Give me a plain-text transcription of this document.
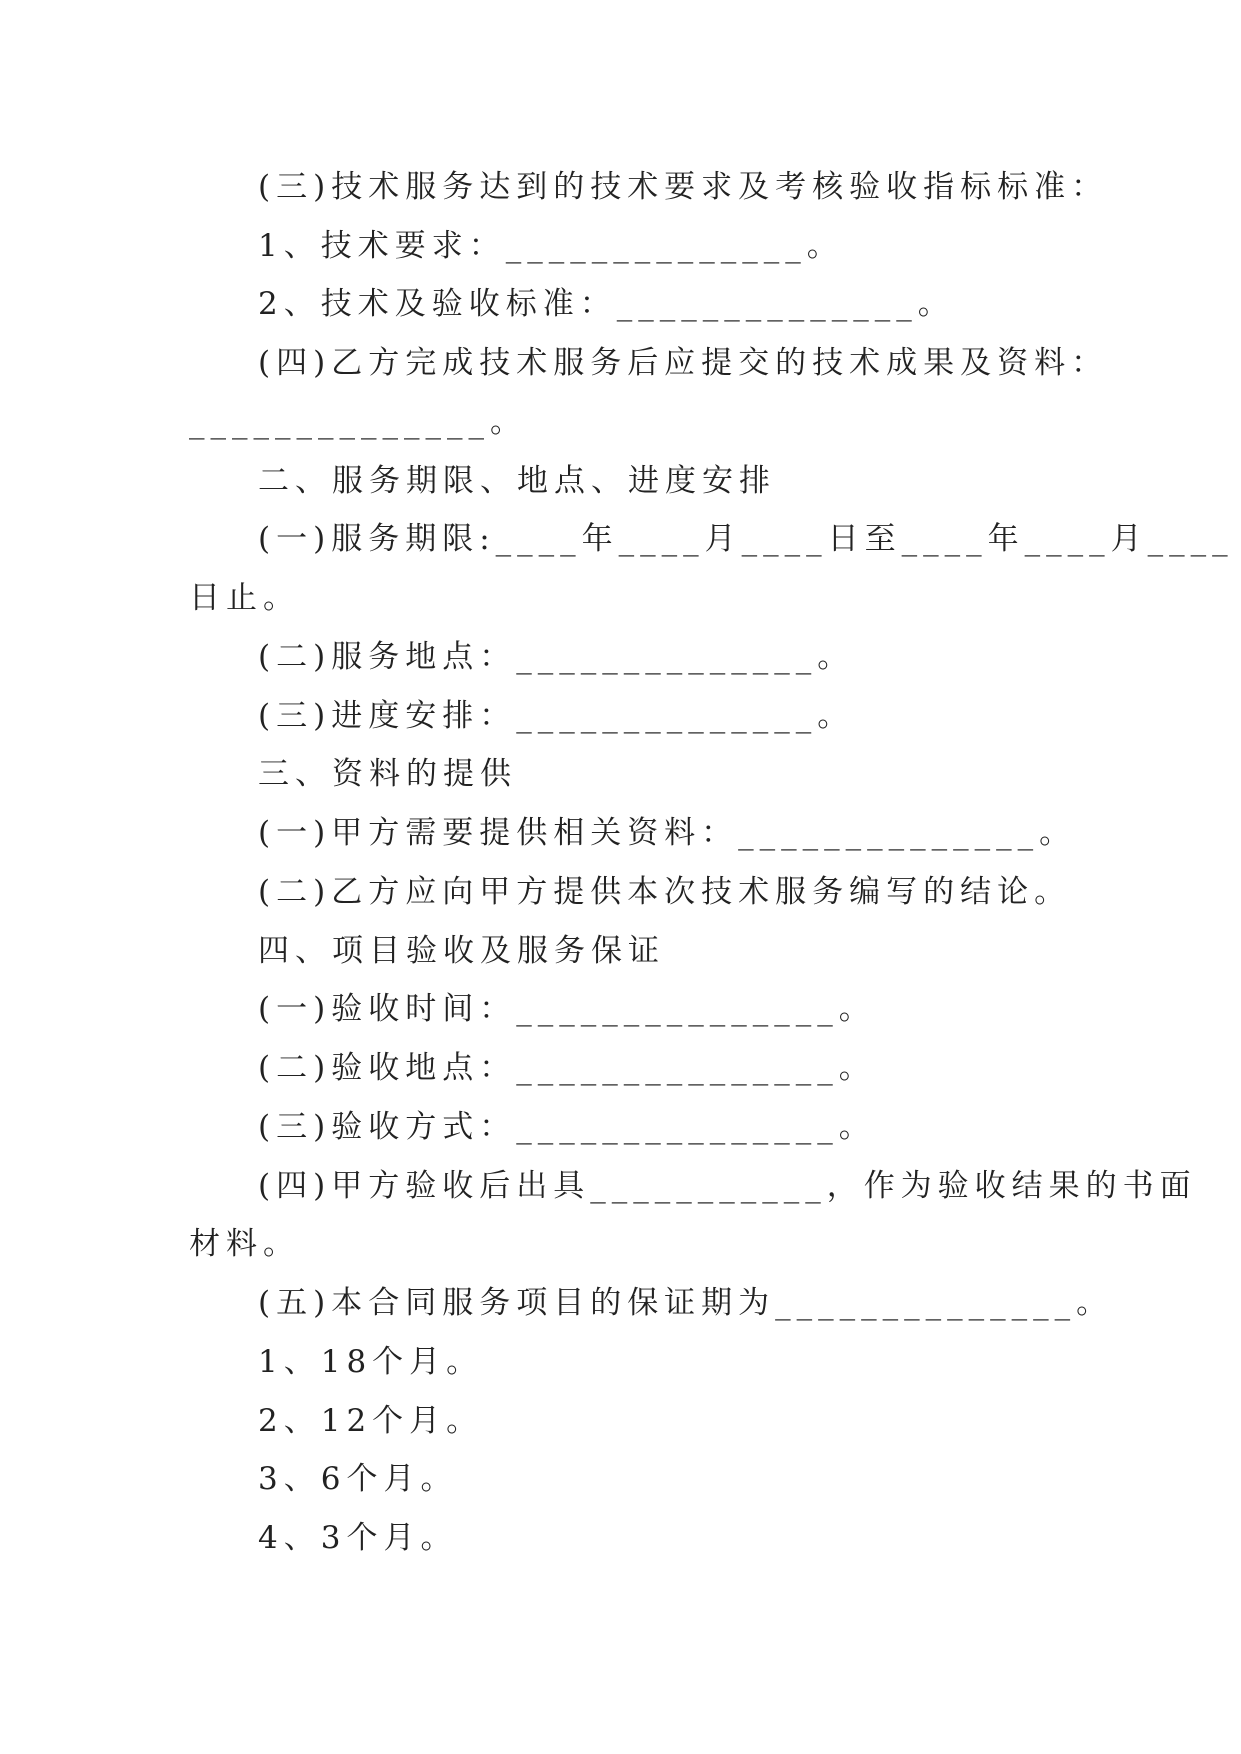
(三)技术服务达到的技术要求及考核验收指标标准：
1、技术要求：______________。
2、技术及验收标准：______________。
(四)乙方完成技术服务后应提交的技术成果及资料：
______________。
二、服务期限、地点、进度安排
(一)服务期限:____年____月____日至____年____月____
日止。
(二)服务地点：______________。
(三)进度安排：______________。
三、资料的提供
(一)甲方需要提供相关资料：______________。
(二)乙方应向甲方提供本次技术服务编写的结论。
四、项目验收及服务保证
(一)验收时间：_______________。
(二)验收地点：_______________。
(三)验收方式：_______________。
(四)甲方验收后出具___________，作为验收结果的书面
材料。
(五)本合同服务项目的保证期为______________。
1、18个月。
2、12个月。
3、6个月。
4、3个月。
